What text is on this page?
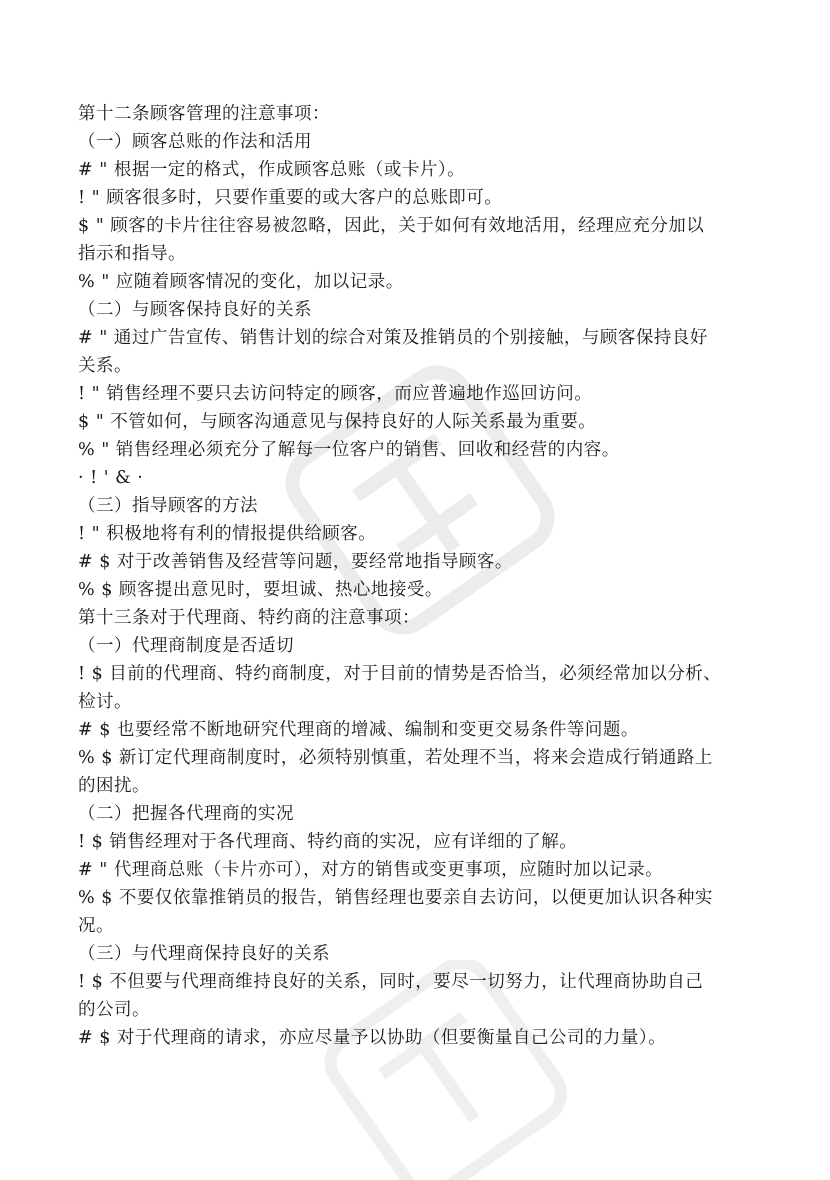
第十二条顾客管理的注意事项：
（一）顾客总账的作法和活用
# " 根据一定的格式，作成顾客总账（或卡片）。
! " 顾客很多时，只要作重要的或大客户的总账即可。
$ " 顾客的卡片往往容易被忽略，因此，关于如何有效地活用，经理应充分加以
指示和指导。
% " 应随着顾客情况的变化，加以记录。
（二）与顾客保持良好的关系
# " 通过广告宣传、销售计划的综合对策及推销员的个别接触，与顾客保持良好
关系。
! " 销售经理不要只去访问特定的顾客，而应普遍地作巡回访问。
$ " 不管如何，与顾客沟通意见与保持良好的人际关系最为重要。
% " 销售经理必须充分了解每一位客户的销售、回收和经营的内容。
· ! ' & ·
（三）指导顾客的方法
! " 积极地将有利的情报提供给顾客。
# $ 对于改善销售及经营等问题，要经常地指导顾客。
% $ 顾客提出意见时，要坦诚、热心地接受。
第十三条对于代理商、特约商的注意事项：
（一）代理商制度是否适切
! $ 目前的代理商、特约商制度，对于目前的情势是否恰当，必须经常加以分析、
检讨。
# $ 也要经常不断地研究代理商的增减、编制和变更交易条件等问题。
% $ 新订定代理商制度时，必须特别慎重，若处理不当，将来会造成行销通路上
的困扰。
（二）把握各代理商的实况
! $ 销售经理对于各代理商、特约商的实况，应有详细的了解。
# " 代理商总账（卡片亦可），对方的销售或变更事项，应随时加以记录。
% $ 不要仅依靠推销员的报告，销售经理也要亲自去访问，以便更加认识各种实
况。
（三）与代理商保持良好的关系
! $ 不但要与代理商维持良好的关系，同时，要尽一切努力，让代理商协助自己
的公司。
# $ 对于代理商的请求，亦应尽量予以协助（但要衡量自己公司的力量）。
